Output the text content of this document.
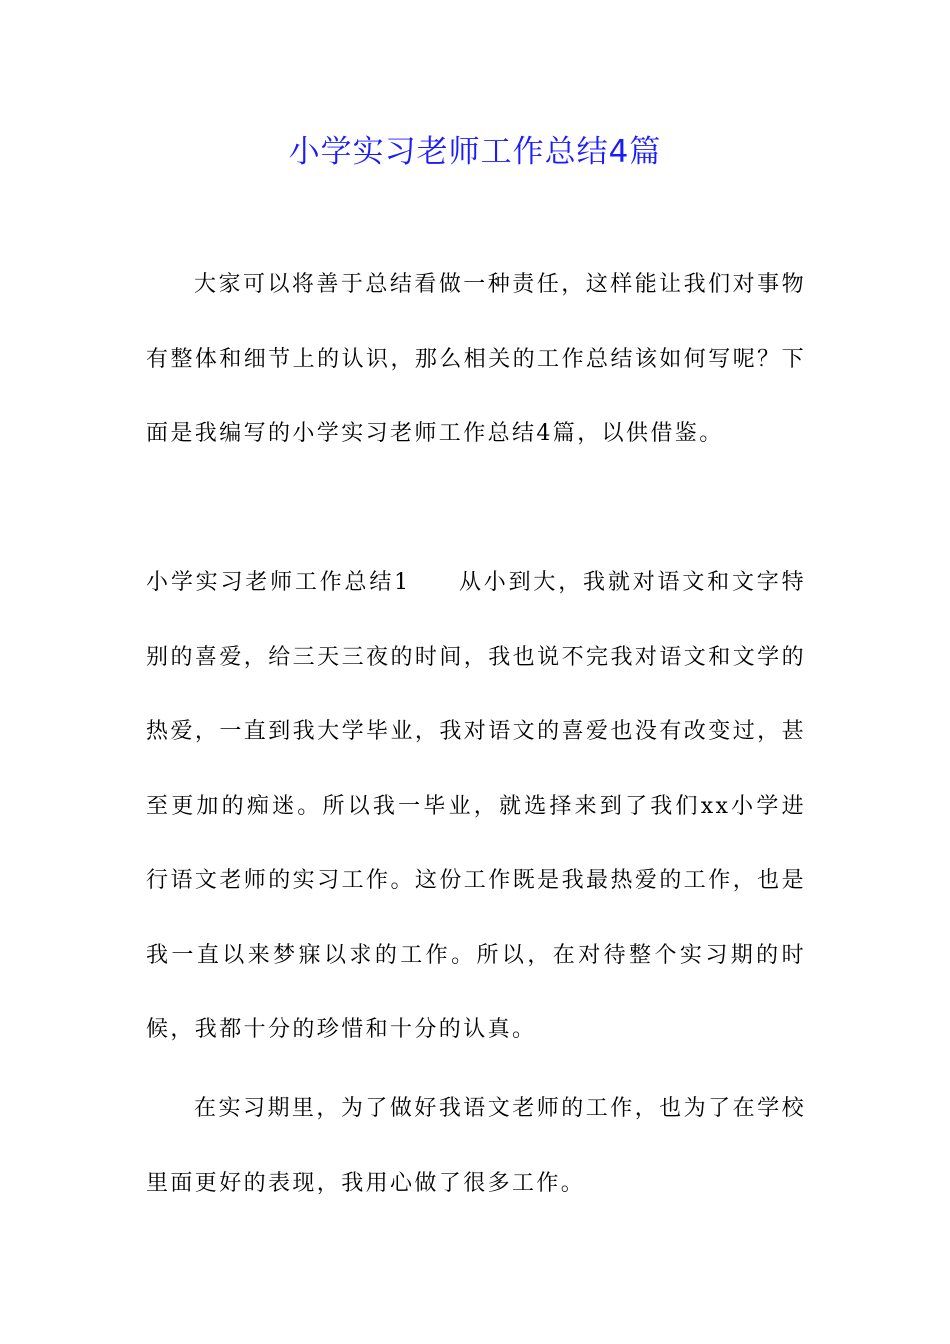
小学实习老师工作总结4篇

大家可以将善于总结看做一种责任，这样能让我们对事物有整体和细节上的认识，那么相关的工作总结该如何写呢？下面是我编写的小学实习老师工作总结4篇，以供借鉴。

小学实习老师工作总结1 从小到大，我就对语文和文字特别的喜爱，给三天三夜的时间，我也说不完我对语文和文学的热爱，一直到我大学毕业，我对语文的喜爱也没有改变过，甚至更加的痴迷。所以我一毕业，就选择来到了我们xx小学进行语文老师的实习工作。这份工作既是我最热爱的工作，也是我一直以来梦寐以求的工作。所以，在对待整个实习期的时候，我都十分的珍惜和十分的认真。

在实习期里，为了做好我语文老师的工作，也为了在学校里面更好的表现，我用心做了很多工作。
